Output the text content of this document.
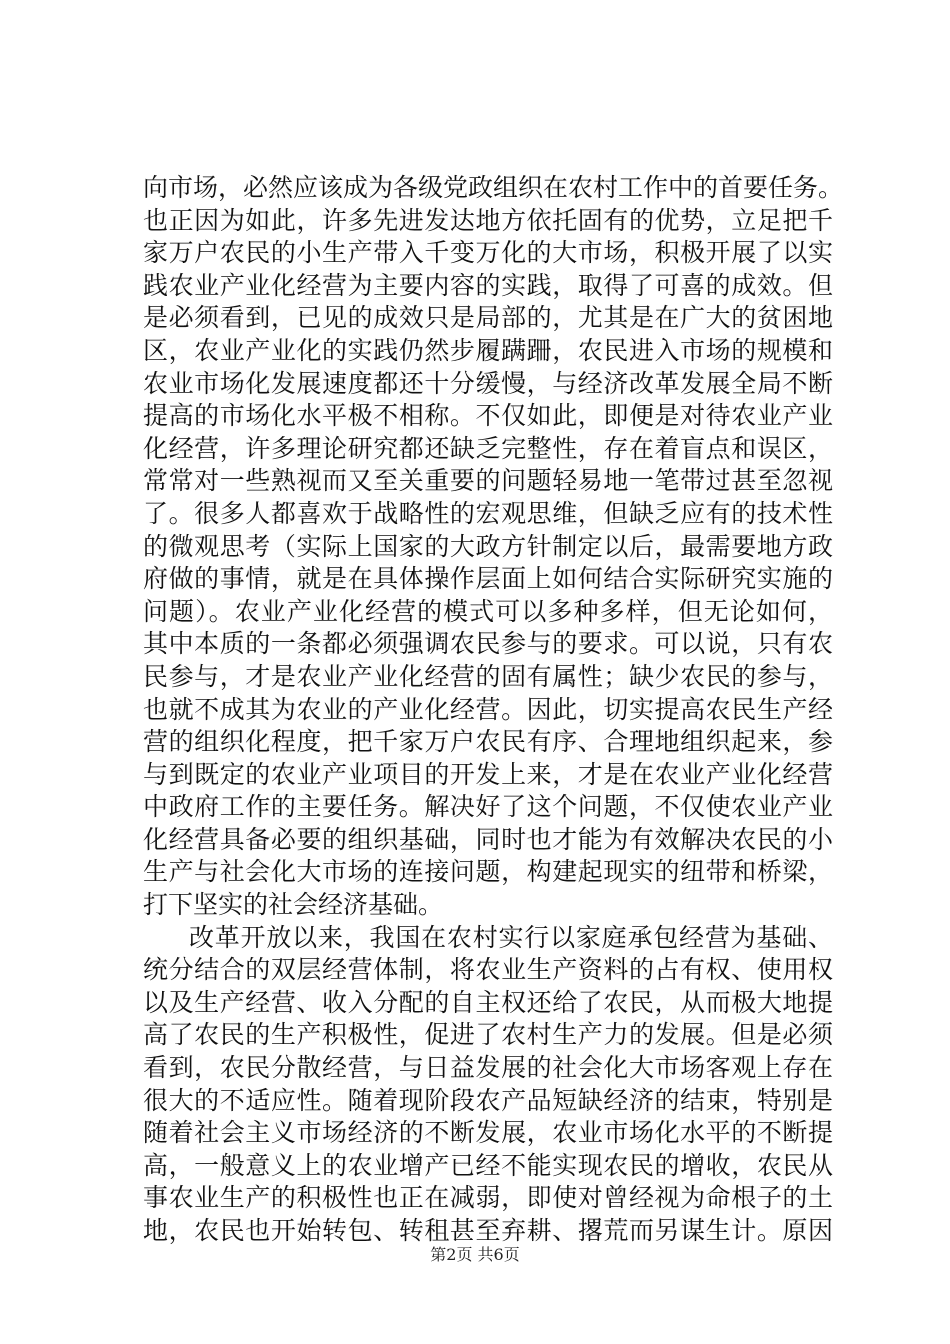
向市场，必然应该成为各级党政组织在农村工作中的首要任务。
也正因为如此，许多先进发达地方依托固有的优势，立足把千
家万户农民的小生产带入千变万化的大市场，积极开展了以实
践农业产业化经营为主要内容的实践，取得了可喜的成效。但
是必须看到，已见的成效只是局部的，尤其是在广大的贫困地
区，农业产业化的实践仍然步履蹒跚，农民进入市场的规模和
农业市场化发展速度都还十分缓慢，与经济改革发展全局不断
提高的市场化水平极不相称。不仅如此，即便是对待农业产业
化经营，许多理论研究都还缺乏完整性，存在着盲点和误区，
常常对一些熟视而又至关重要的问题轻易地一笔带过甚至忽视
了。很多人都喜欢于战略性的宏观思维，但缺乏应有的技术性
的微观思考（实际上国家的大政方针制定以后，最需要地方政
府做的事情，就是在具体操作层面上如何结合实际研究实施的
问题）。农业产业化经营的模式可以多种多样，但无论如何，
其中本质的一条都必须强调农民参与的要求。可以说，只有农
民参与，才是农业产业化经营的固有属性；缺少农民的参与，
也就不成其为农业的产业化经营。因此，切实提高农民生产经
营的组织化程度，把千家万户农民有序、合理地组织起来，参
与到既定的农业产业项目的开发上来，才是在农业产业化经营
中政府工作的主要任务。解决好了这个问题，不仅使农业产业
化经营具备必要的组织基础，同时也才能为有效解决农民的小
生产与社会化大市场的连接问题，构建起现实的纽带和桥梁，
打下坚实的社会经济基础。
改革开放以来，我国在农村实行以家庭承包经营为基础、
统分结合的双层经营体制，将农业生产资料的占有权、使用权
以及生产经营、收入分配的自主权还给了农民，从而极大地提
高了农民的生产积极性，促进了农村生产力的发展。但是必须
看到，农民分散经营，与日益发展的社会化大市场客观上存在
很大的不适应性。随着现阶段农产品短缺经济的结束，特别是
随着社会主义市场经济的不断发展，农业市场化水平的不断提
高，一般意义上的农业增产已经不能实现农民的增收，农民从
事农业生产的积极性也正在减弱，即使对曾经视为命根子的土
地，农民也开始转包、转租甚至弃耕、撂荒而另谋生计。原因
第2页 共6页
